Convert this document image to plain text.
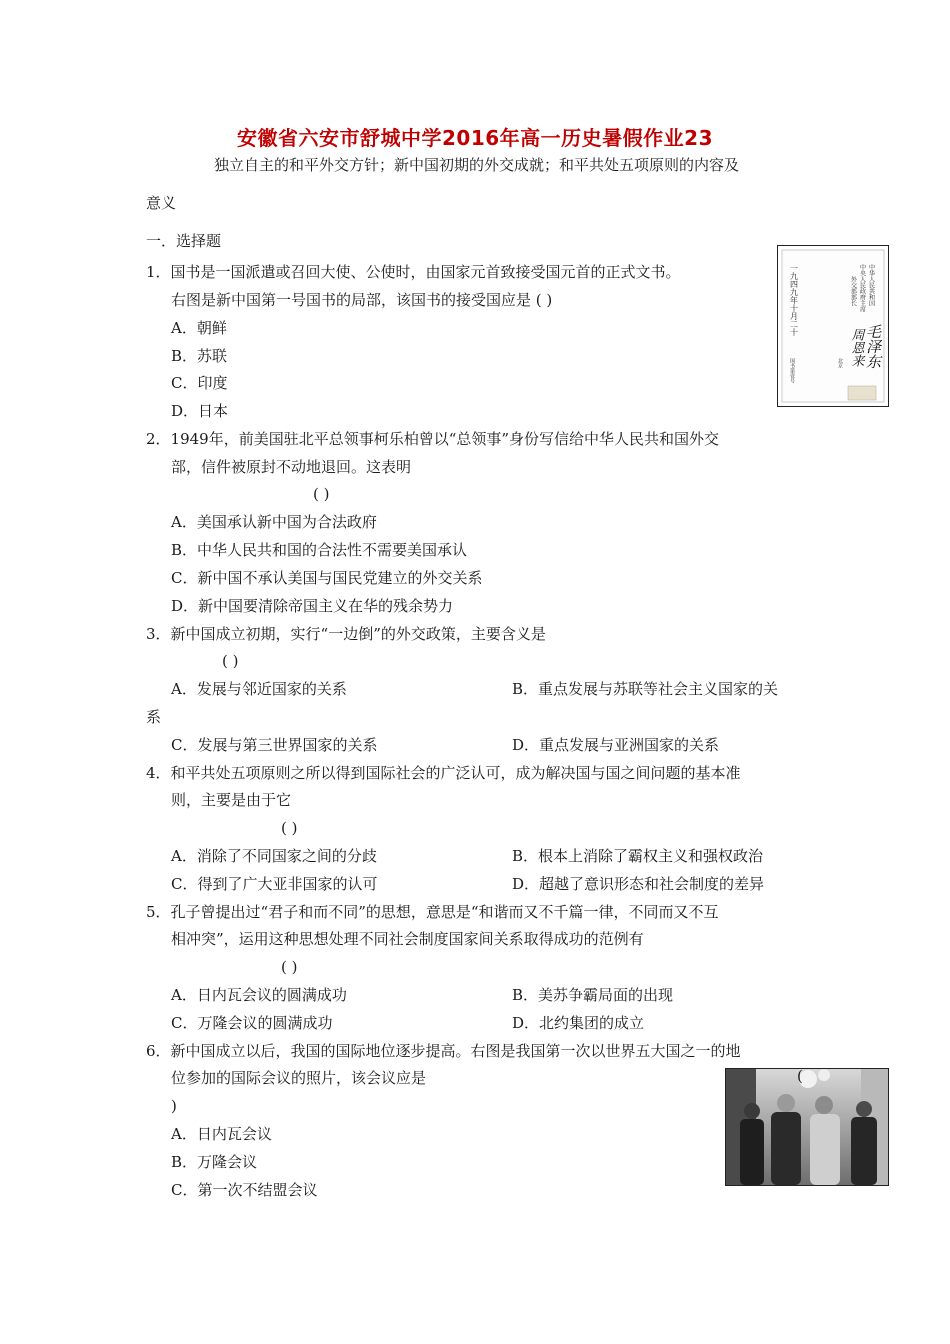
安徽省六安市舒城中学2016年高一历史暑假作业23
独立自主的和平外交方针；新中国初期的外交成就；和平共处五项原则的内容及
意义
一．选择题
1．国书是一国派遣或召回大使、公使时，由国家元首致接受国元首的正式文书。
右图是新中国第一号国书的局部，该国书的接受国应是 ( )
A．朝鲜
B．苏联
C．印度
D．日本
一九四九年十月二十	中华人民共和国
中央人民政府主席
外交部部长
北京
国书第壹号
毛泽东
周恩来
2．1949年，前美国驻北平总领事柯乐柏曾以“总领事”身份写信给中华人民共和国外交
部，信件被原封不动地退回。这表明
( )
A．美国承认新中国为合法政府
B．中华人民共和国的合法性不需要美国承认
C．新中国不承认美国与国民党建立的外交关系
D．新中国要清除帝国主义在华的残余势力
3．新中国成立初期，实行“一边倒”的外交政策，主要含义是
( )
A．发展与邻近国家的关系	B．重点发展与苏联等社会主义国家的关
系
C．发展与第三世界国家的关系	D．重点发展与亚洲国家的关系
4．和平共处五项原则之所以得到国际社会的广泛认可，成为解决国与国之间问题的基本准
则，主要是由于它
( )
A．消除了不同国家之间的分歧	B．根本上消除了霸权主义和强权政治
C．得到了广大亚非国家的认可	D．超越了意识形态和社会制度的差异
5．孔子曾提出过“君子和而不同”的思想，意思是“和谐而又不千篇一律，不同而又不互
相冲突”，运用这种思想处理不同社会制度国家间关系取得成功的范例有
( )
A．日内瓦会议的圆满成功	B．美苏争霸局面的出现
C．万隆会议的圆满成功	D．北约集团的成立
6．新中国成立以后，我国的国际地位逐步提高。右图是我国第一次以世界五大国之一的地
位参加的国际会议的照片，该会议应是
)
A．日内瓦会议
B．万隆会议
C．第一次不结盟会议
(
